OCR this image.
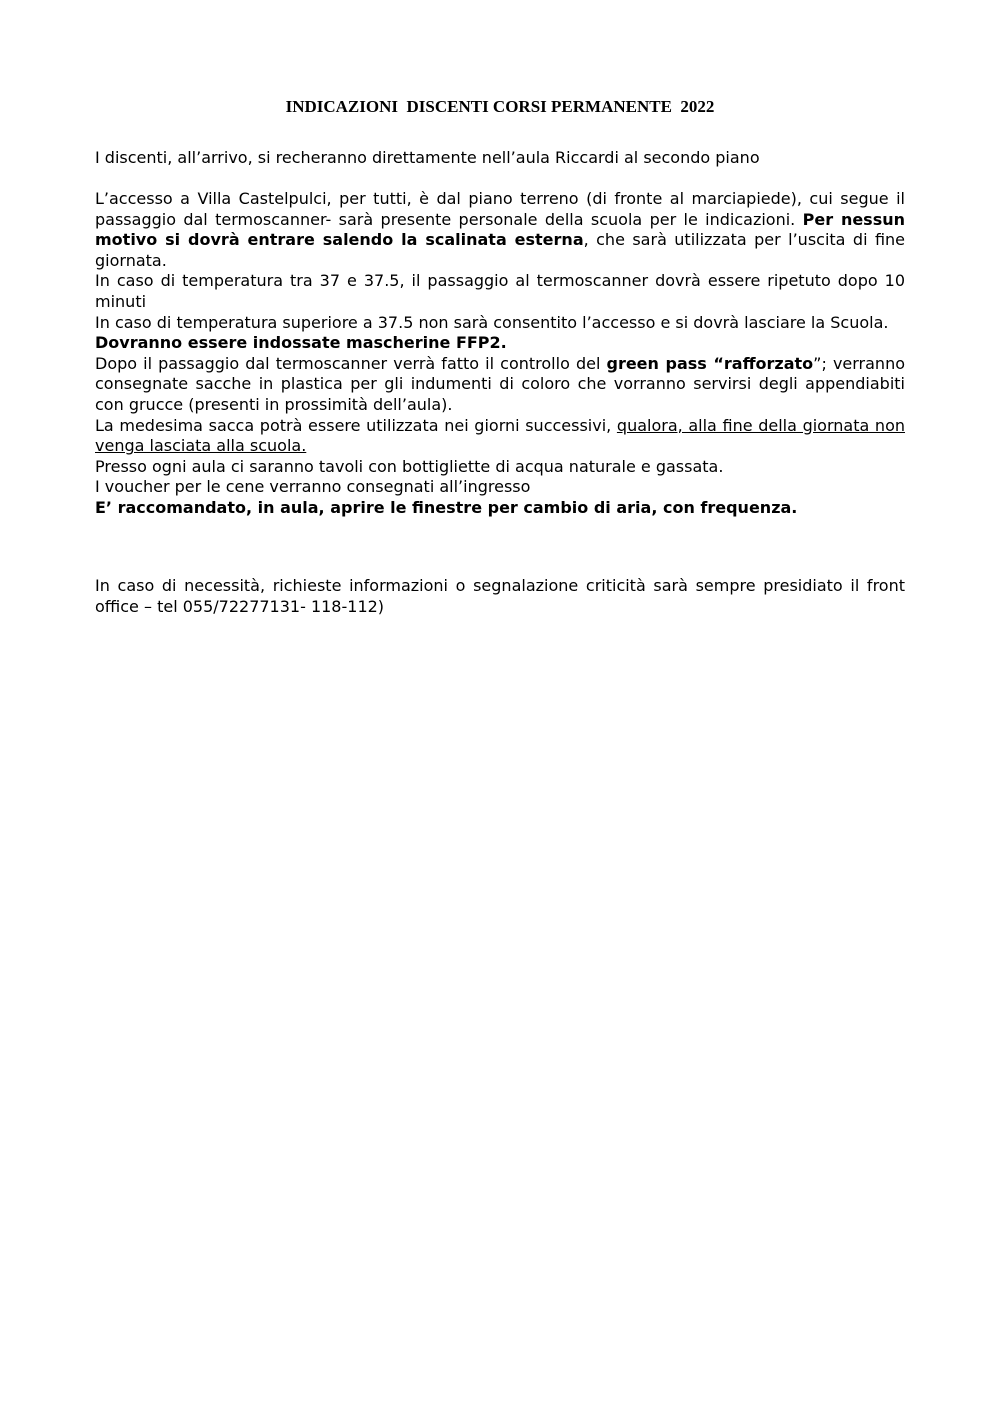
INDICAZIONI  DISCENTI CORSI PERMANENTE  2022

I discenti, all’arrivo, si recheranno direttamente nell’aula Riccardi al secondo piano

L’accesso a Villa Castelpulci, per tutti, è dal piano terreno (di fronte al marciapiede), cui segue il passaggio dal termoscanner- sarà presente personale della scuola per le indicazioni. Per nessun motivo si dovrà entrare salendo la scalinata esterna, che sarà utilizzata per l’uscita di fine giornata.

In caso di temperatura tra 37 e 37.5, il passaggio al termoscanner dovrà essere ripetuto dopo 10 minuti

In caso di temperatura superiore a 37.5 non sarà consentito l’accesso e si dovrà lasciare la Scuola.

Dovranno essere indossate mascherine FFP2.

Dopo il passaggio dal termoscanner verrà fatto il controllo del green pass “rafforzato”; verranno consegnate sacche in plastica per gli indumenti di coloro che vorranno servirsi degli appendiabiti con grucce (presenti in prossimità dell’aula).

La medesima sacca potrà essere utilizzata nei giorni successivi, qualora, alla fine della giornata non venga lasciata alla scuola.

Presso ogni aula ci saranno tavoli con bottigliette di acqua naturale e gassata.

I voucher per le cene verranno consegnati all’ingresso

E’ raccomandato, in aula, aprire le finestre per cambio di aria, con frequenza.

In caso di necessità, richieste informazioni o segnalazione criticità sarà sempre presidiato il front office – tel 055/72277131- 118-112)
